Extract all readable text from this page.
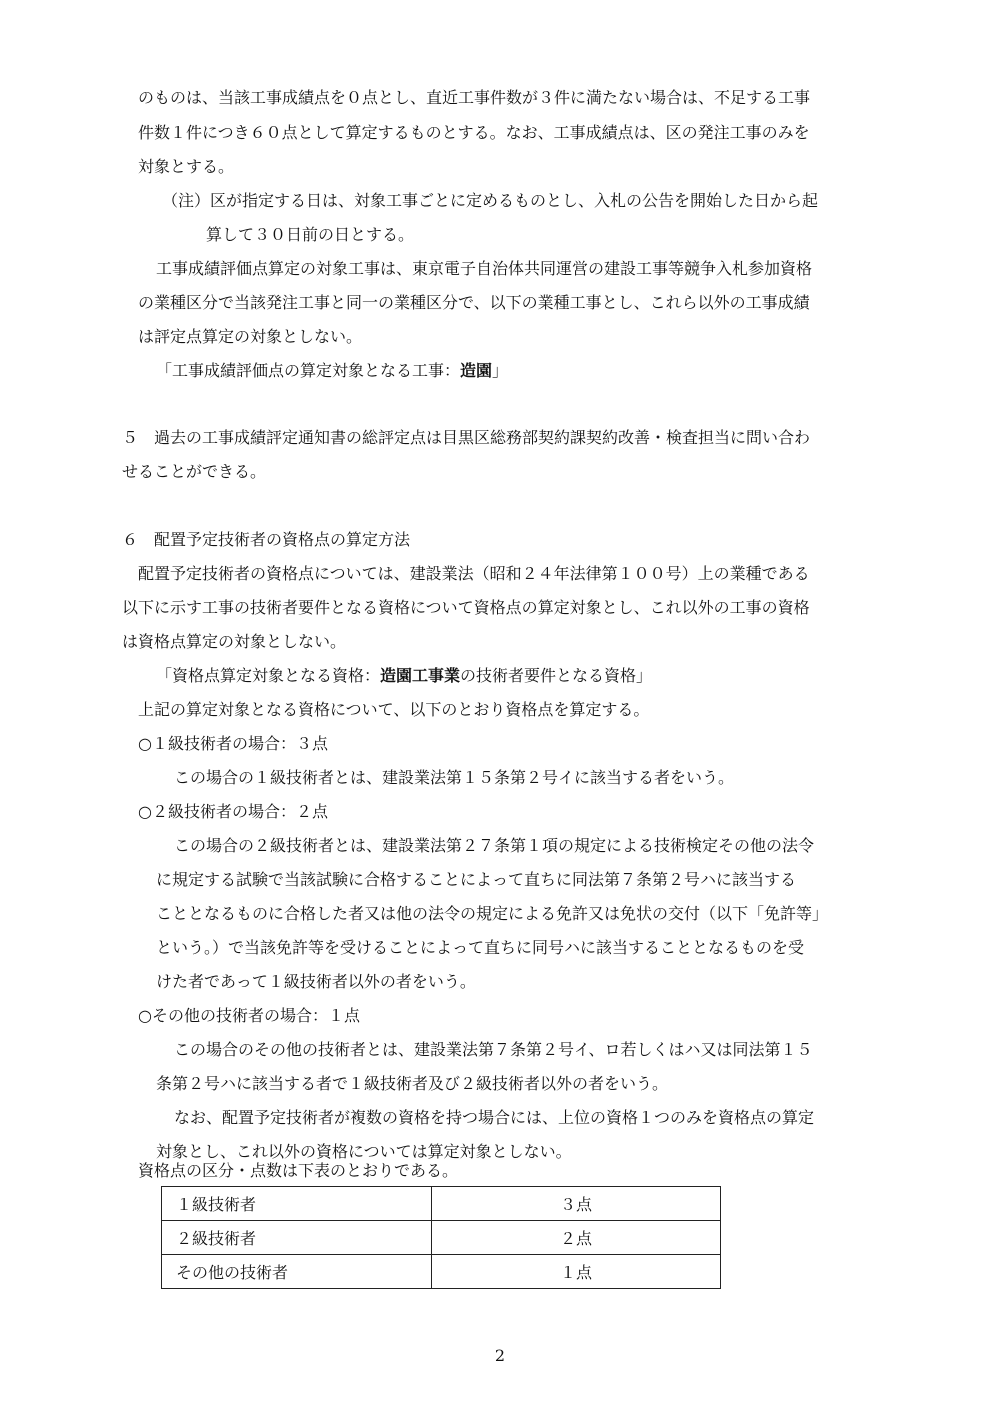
のものは、当該工事成績点を０点とし、直近工事件数が３件に満たない場合は、不足する工事
件数１件につき６０点として算定するものとする。なお、工事成績点は、区の発注工事のみを
対象とする。
（注）区が指定する日は、対象工事ごとに定めるものとし、入札の公告を開始した日から起
算して３０日前の日とする。
工事成績評価点算定の対象工事は、東京電子自治体共同運営の建設工事等競争入札参加資格
の業種区分で当該発注工事と同一の業種区分で、以下の業種工事とし、これら以外の工事成績
は評定点算定の対象としない。
「工事成績評価点の算定対象となる工事：造園」
５　過去の工事成績評定通知書の総評定点は目黒区総務部契約課契約改善・検査担当に問い合わ
せることができる。
６　配置予定技術者の資格点の算定方法
配置予定技術者の資格点については、建設業法（昭和２４年法律第１００号）上の業種である
以下に示す工事の技術者要件となる資格について資格点の算定対象とし、これ以外の工事の資格
は資格点算定の対象としない。
「資格点算定対象となる資格：造園工事業の技術者要件となる資格」
上記の算定対象となる資格について、以下のとおり資格点を算定する。
○１級技術者の場合：３点
この場合の１級技術者とは、建設業法第１５条第２号イに該当する者をいう。
○２級技術者の場合：２点
この場合の２級技術者とは、建設業法第２７条第１項の規定による技術検定その他の法令
に規定する試験で当該試験に合格することによって直ちに同法第７条第２号ハに該当する
こととなるものに合格した者又は他の法令の規定による免許又は免状の交付（以下「免許等」
という。）で当該免許等を受けることによって直ちに同号ハに該当することとなるものを受
けた者であって１級技術者以外の者をいう。
○その他の技術者の場合：１点
この場合のその他の技術者とは、建設業法第７条第２号イ、ロ若しくはハ又は同法第１５
条第２号ハに該当する者で１級技術者及び２級技術者以外の者をいう。
なお、配置予定技術者が複数の資格を持つ場合には、上位の資格１つのみを資格点の算定
対象とし、これ以外の資格については算定対象としない。
資格点の区分・点数は下表のとおりである。
１級技術者	３点
２級技術者	２点
その他の技術者	１点
2
